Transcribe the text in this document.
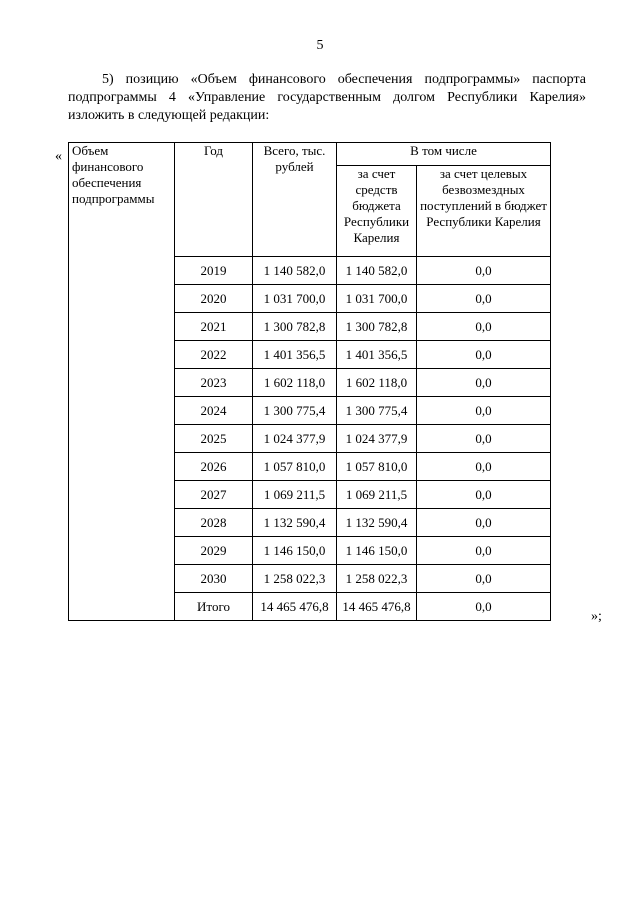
5
5) позицию «Объем финансового обеспечения подпрограммы» паспорта подпрограммы 4 «Управление государственным долгом Республики Карелия» изложить в следующей редакции:
« Объем финансового обеспечения подпрограммы	Год	Всего, тыс. рублей	В том числе	
			за счет средств бюджета Республики Карелия	за счет целевых безвозмездных поступлений в бюджет Республики Карелия
	2019	1 140 582,0	1 140 582,0	0,0
	2020	1 031 700,0	1 031 700,0	0,0
	2021	1 300 782,8	1 300 782,8	0,0
	2022	1 401 356,5	1 401 356,5	0,0
	2023	1 602 118,0	1 602 118,0	0,0
	2024	1 300 775,4	1 300 775,4	0,0
	2025	1 024 377,9	1 024 377,9	0,0
	2026	1 057 810,0	1 057 810,0	0,0
	2027	1 069 211,5	1 069 211,5	0,0
	2028	1 132 590,4	1 132 590,4	0,0
	2029	1 146 150,0	1 146 150,0	0,0
	2030	1 258 022,3	1 258 022,3	0,0
	Итого	14 465 476,8	14 465 476,8	0,0
»;
